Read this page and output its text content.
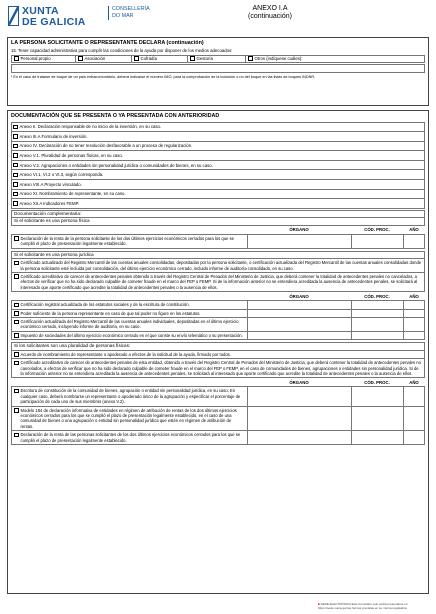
XUNTA
DE GALICIA
CONSELLERÍA
DO MAR
ANEXO I.A
(continuación)
LA PERSONA SOLICITANTE O REPRESENTANTE DECLARA (continuación)
15. Tener capacidad administrativa para cumplir las condiciones de la ayuda por disponer de los medios adecuados:
Personal propio	Asociación	Cofradía	Gestoría	Otros (indíquese cuáles):
¹ En el caso de tratarse de buque de un país extracomunitario, deberá indicarse el número IMO, para la comprobación de la inclusión o no del buque en las listas de buques INDNR.
DOCUMENTACIÓN QUE SE PRESENTA O YA PRESENTADA CON ANTERIORIDAD
Anexo II. Declaración responsable de no inicio de la inversión, en su caso.
Anexo III.A Formulario de inversión.
Anexo IV. Declaración de no tener resolución desfavorable a un proceso de regularización.
Anexo V.1. Pluralidad de personas físicas, en su caso.
Anexo V.2. Agrupaciones o entidades sin personalidad jurídica o comunidades de bienes, en su caso.
Anexo VI.1, VI.2 o VI.3, según corresponda.
Anexo VIII.A Proyecto vinculado.
Anexo XI. Nombramiento de representante, en su caso.
Anexo XII.A Indicadores FEMP.
Documentación complementaria:
Si el solicitante es una persona física
ÓRGANO	CÓD. PROC.	AÑO
Declaración de la renta de la persona solicitante de los dos últimos ejercicios económicos cerrados para los que se cumplió el plazo de presentación legalmente establecido.
Si el solicitante es una persona jurídica
Certificado actualizado del Registro Mercantil de las cuentas anuales consolidadas, depositadas por la persona solicitante, o certificación actualizada del Registro Mercantil de las cuentas anuales consolidadas donde la persona solicitante esté incluida por consolidación, del último ejercicio económico cerrado, incluido informe de auditoría consolidado, en su caso.
Certificado acreditativo de carecer de antecedentes penales obtenido a través del Registro Central de Penados del Ministerio de Justicia, que deberá contener la totalidad de antecedentes penales no cancelados, a efectos de verificar que no ha sido declarado culpable de cometer fraude en el marco del FEP o FEMP. Si de la información anterior no se entendiera acreditada la ausencia de antecedentes penales, se solicitará al interesado que aporte certificado que acredite la totalidad de antecedentes penales o la ausencia de ellos.
ÓRGANO	CÓD. PROC.	AÑO
Certificación registral actualizada de los estatutos sociales y de la escritura de constitución.
Poder suficiente de la persona representante en caso de que tal poder no figure en los estatutos.
Certificación actualizada del Registro Mercantil de las cuentas anuales individuales, depositadas en el último ejercicio económico cerrado, incluyendo informe de auditoría, en su caso.
Impuesto de sociedades del último ejercicio económico cerrado en el que conste su envío telemático o su presentación.
Si los solicitantes son una pluralidad de personas físicas:
Acuerdo de nombramiento de representante o apoderado a efectos de la solicitud de la ayuda, firmado por todos.
Certificado acreditativo de carecer de antecedentes penales de esta entidad, obtenido a través del Registro Central de Penados del Ministerio de Justicia, que deberá contener la totalidad de antecedentes penales no cancelados, a efectos de verificar que no ha sido declarado culpable de cometer fraude en el marco del FEP o FEMP, en el caso de comunidades de bienes, agrupaciones o entidades sin personalidad jurídica. Si de la información anterior no se entendiera acreditada la ausencia de antecedentes penales, se solicitará al interesado que aporte certificado que acredite la totalidad de antecedentes penales o la ausencia de ellos.
ÓRGANO	CÓD. PROC.	AÑO
Escritura de constitución de la comunidad de bienes, agrupación o entidad sin personalidad jurídica, en su caso. En cualquier caso, deberá nombrarse un representante o apoderado único de la agrupación y especificar el porcentaje de participación de cada uno de sus miembros (anexo V.2).
Modelo 184 de declaración informativa de entidades en régimen de atribución de rentas de los dos últimos ejercicios económicos cerrados para los que se cumplió el plazo de presentación legalmente establecido, en el caso de una comunidad de bienes o una agrupación o entidad sin personalidad jurídica que estén en régimen de atribución de rentas.
Declaración de la renta de las personas solicitantes de los dos últimos ejercicios económicos cerrados para los que se cumplió el plazo de presentación legalmente establecido.
■ SEDE ELECTRÓNICA Este formulario solo podrá presentarse en
https://sede.xunta.gal las formas previstas en su norma reguladora
